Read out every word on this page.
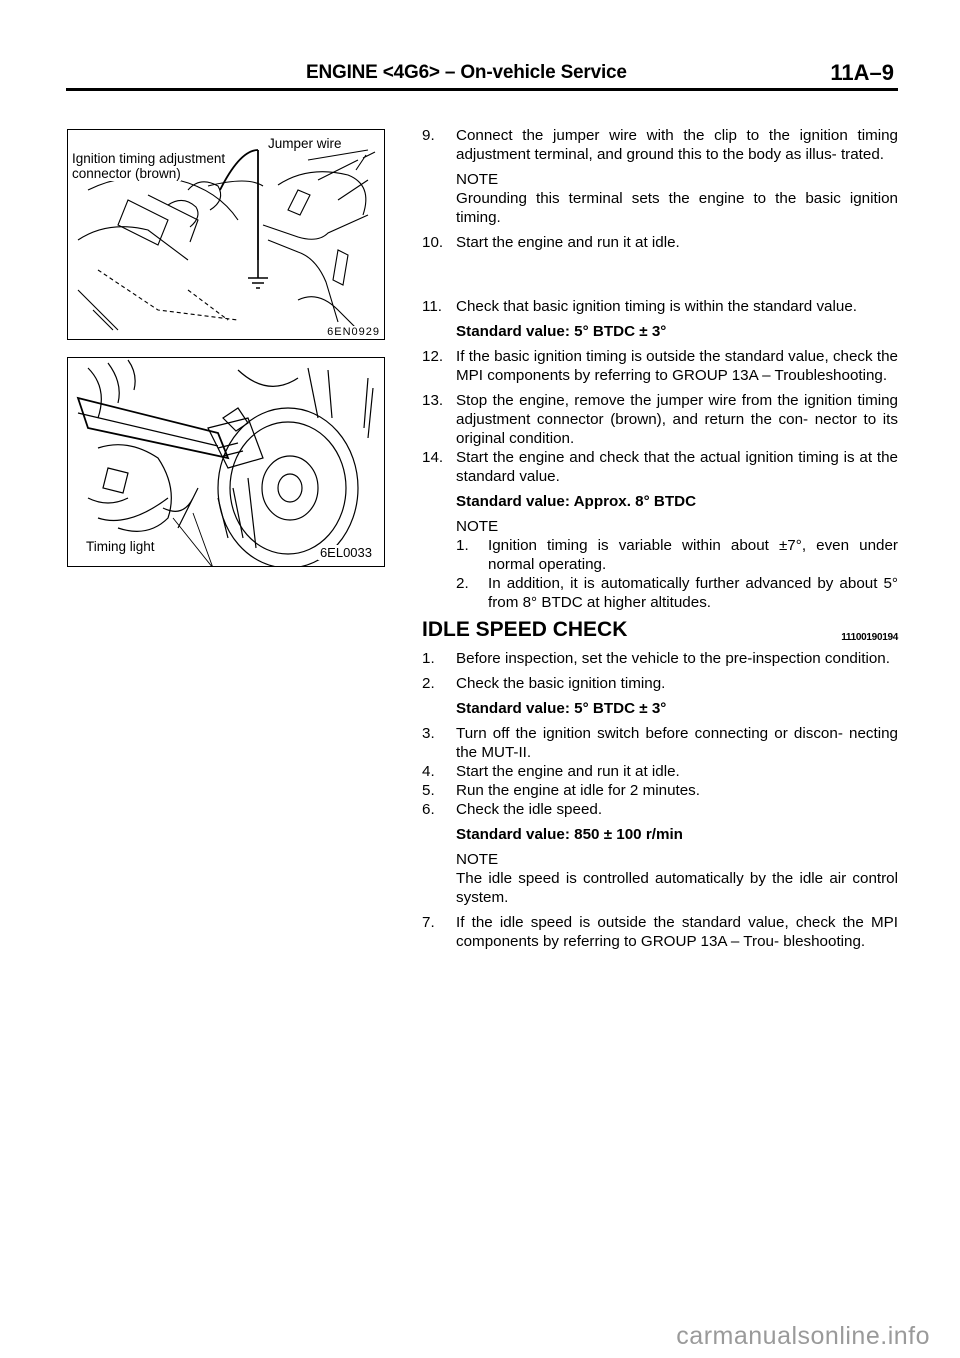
ENGINE <4G6> – On-vehicle Service	11A–9
Jumper wire
Ignition timing adjustment
connector (brown)
6EN0929
Timing light	6EL0033
9. Connect the jumper wire with the clip to the ignition timing adjustment terminal, and ground this to the body as illus- trated.
NOTE
Grounding this terminal sets the engine to the basic ignition timing.
10. Start the engine and run it at idle.
11. Check that basic ignition timing is within the standard value.
Standard value: 5° BTDC ± 3°
12. If the basic ignition timing is outside the standard value, check the MPI components by referring to GROUP 13A – Troubleshooting.
13. Stop the engine, remove the jumper wire from the ignition timing adjustment connector (brown), and return the con- nector to its original condition.
14. Start the engine and check that the actual ignition timing is at the standard value.
Standard value: Approx. 8° BTDC
NOTE
1. Ignition timing is variable within about ±7°, even under normal operating.
2. In addition, it is automatically further advanced by about 5° from 8° BTDC at higher altitudes.
IDLE SPEED CHECK	11100190194
1. Before inspection, set the vehicle to the pre-inspection condition.
2. Check the basic ignition timing.
Standard value: 5° BTDC ± 3°
3. Turn off the ignition switch before connecting or discon- necting the MUT-II.
4. Start the engine and run it at idle.
5. Run the engine at idle for 2 minutes.
6. Check the idle speed.
Standard value: 850 ± 100 r/min
NOTE
The idle speed is controlled automatically by the idle air control system.
7. If the idle speed is outside the standard value, check the MPI components by referring to GROUP 13A – Trou- bleshooting.
carmanualsonline.info
